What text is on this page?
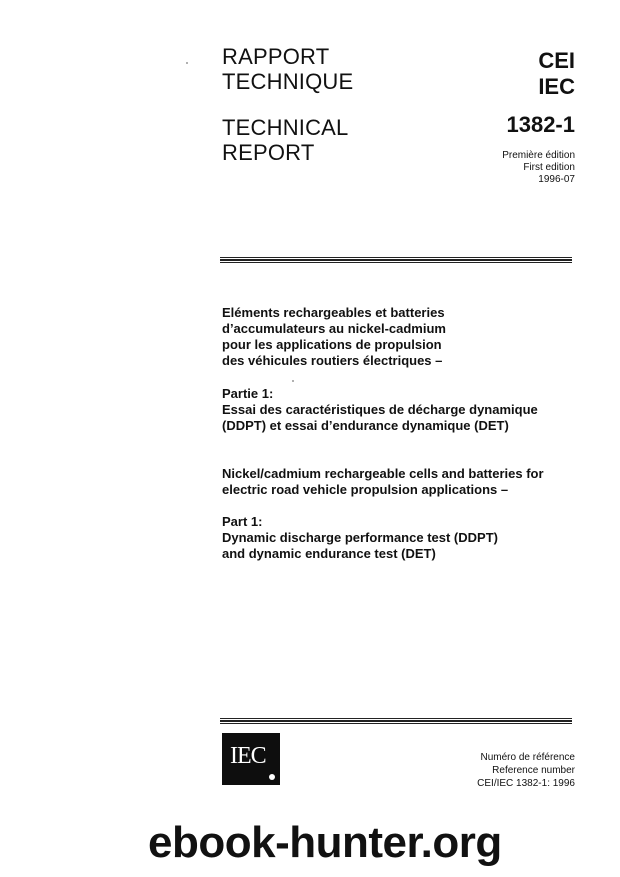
RAPPORT
TECHNIQUE
TECHNICAL
REPORT
CEI
IEC
1382-1
Première édition
First edition
1996-07
Eléments rechargeables et batteries
d’accumulateurs au nickel-cadmium
pour les applications de propulsion
des véhicules routiers électriques –
Partie 1:
Essai des caractéristiques de décharge dynamique
(DDPT) et essai d’endurance dynamique (DET)
Nickel/cadmium rechargeable cells and batteries for
electric road vehicle propulsion applications –
Part 1:
Dynamic discharge performance test (DDPT)
and dynamic endurance test (DET)
IEC	Numéro de référence
Reference number
CEI/IEC 1382-1: 1996
ebook-hunter.org
